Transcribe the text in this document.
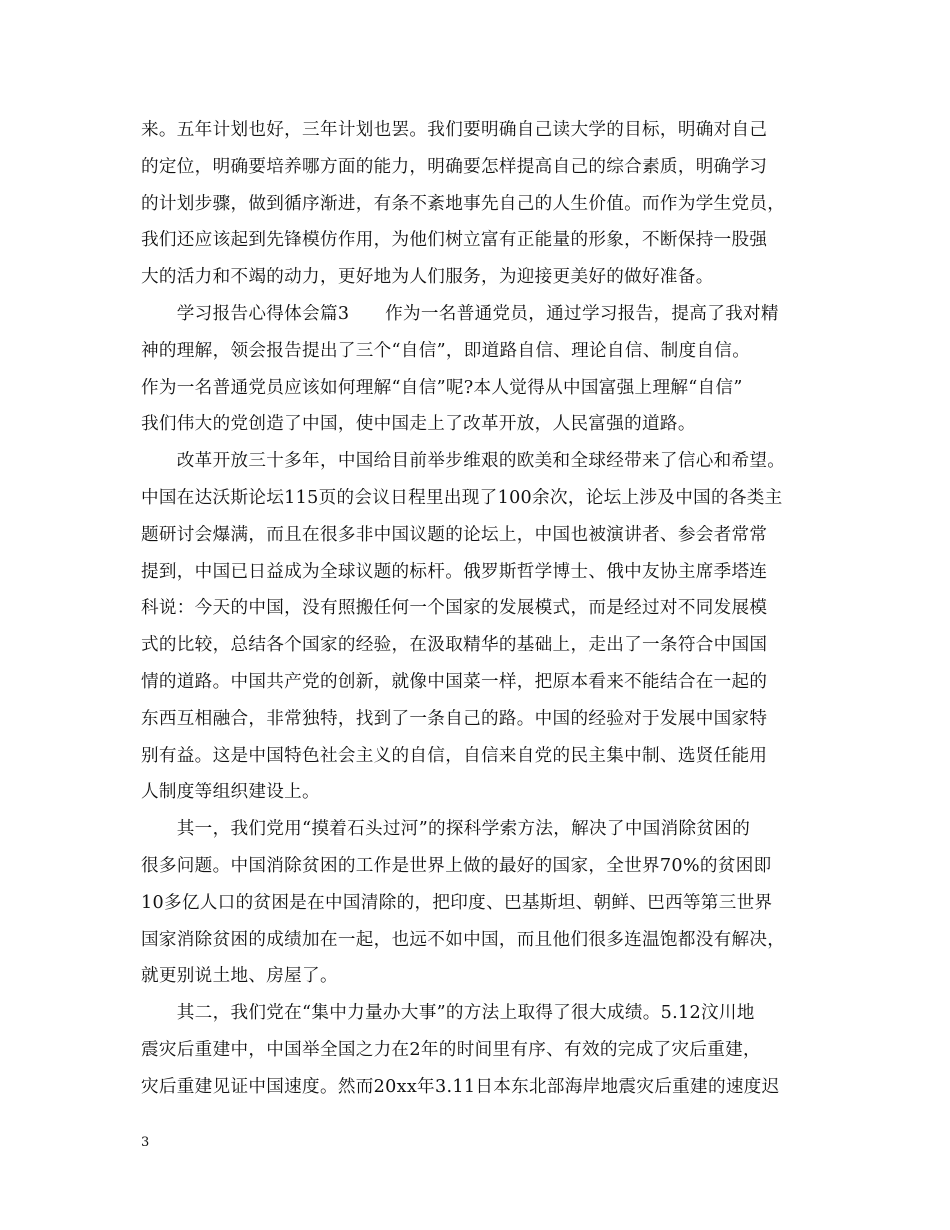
来。五年计划也好，三年计划也罢。我们要明确自己读大学的目标，明确对自己
的定位，明确要培养哪方面的能力，明确要怎样提高自己的综合素质，明确学习
的计划步骤，做到循序渐进，有条不紊地事先自己的人生价值。而作为学生党员，
我们还应该起到先锋模仿作用，为他们树立富有正能量的形象，不断保持一股强
大的活力和不竭的动力，更好地为人们服务，为迎接更美好的做好准备。
　　学习报告心得体会篇3　　作为一名普通党员，通过学习报告，提高了我对精
神的理解，领会报告提出了三个“自信”，即道路自信、理论自信、制度自信。
作为一名普通党员应该如何理解“自信”呢?本人觉得从中国富强上理解“自信”
我们伟大的党创造了中国，使中国走上了改革开放，人民富强的道路。
　　改革开放三十多年，中国给目前举步维艰的欧美和全球经带来了信心和希望。
中国在达沃斯论坛115页的会议日程里出现了100余次，论坛上涉及中国的各类主
题研讨会爆满，而且在很多非中国议题的论坛上，中国也被演讲者、参会者常常
提到，中国已日益成为全球议题的标杆。俄罗斯哲学博士、俄中友协主席季塔连
科说：今天的中国，没有照搬任何一个国家的发展模式，而是经过对不同发展模
式的比较，总结各个国家的经验，在汲取精华的基础上，走出了一条符合中国国
情的道路。中国共产党的创新，就像中国菜一样，把原本看来不能结合在一起的
东西互相融合，非常独特，找到了一条自己的路。中国的经验对于发展中国家特
别有益。这是中国特色社会主义的自信，自信来自党的民主集中制、选贤任能用
人制度等组织建设上。
　　其一，我们党用“摸着石头过河”的探科学索方法，解决了中国消除贫困的
很多问题。中国消除贫困的工作是世界上做的最好的国家，全世界70%的贫困即
10多亿人口的贫困是在中国清除的，把印度、巴基斯坦、朝鲜、巴西等第三世界
国家消除贫困的成绩加在一起，也远不如中国，而且他们很多连温饱都没有解决，
就更别说土地、房屋了。
　　其二，我们党在“集中力量办大事”的方法上取得了很大成绩。5.12汶川地
震灾后重建中，中国举全国之力在2年的时间里有序、有效的完成了灾后重建，
灾后重建见证中国速度。然而20xx年3.11日本东北部海岸地震灾后重建的速度迟
3
